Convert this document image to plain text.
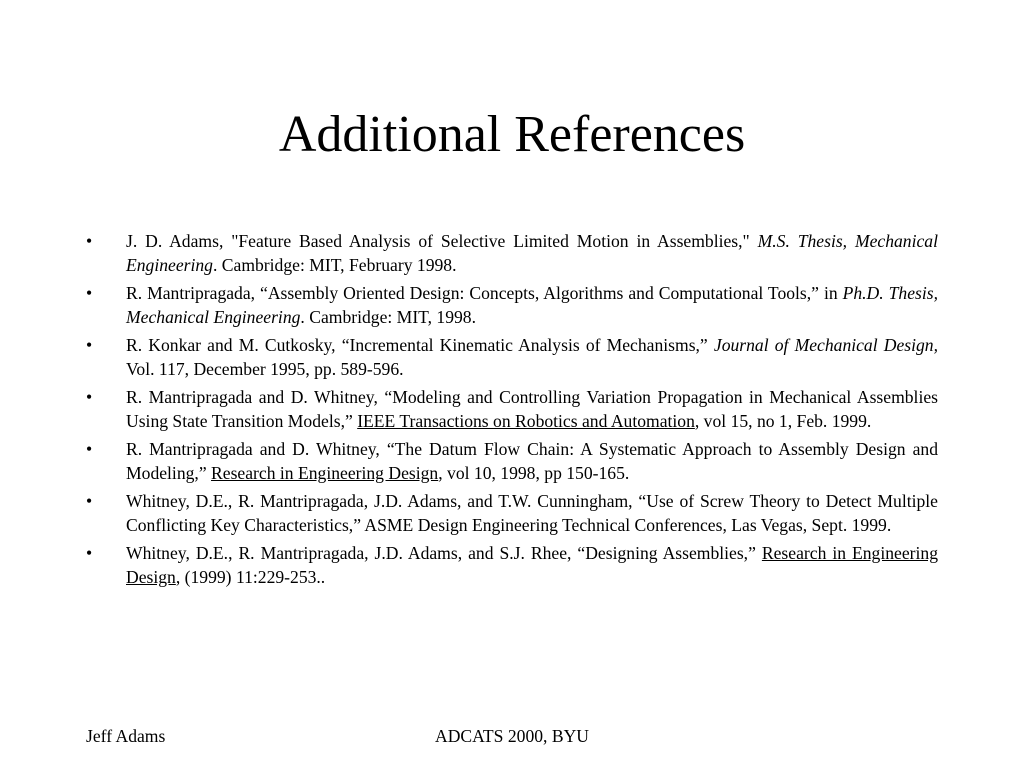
Additional References
• J. D. Adams, "Feature Based Analysis of Selective Limited Motion in Assemblies," M.S. Thesis, Mechanical Engineering. Cambridge: MIT, February 1998.
• R. Mantripragada, “Assembly Oriented Design: Concepts, Algorithms and Computational Tools,” in Ph.D. Thesis, Mechanical Engineering. Cambridge: MIT, 1998.
• R. Konkar and M. Cutkosky, “Incremental Kinematic Analysis of Mechanisms,” Journal of Mechanical Design, Vol. 117, December 1995, pp. 589-596.
• R. Mantripragada and D. Whitney, “Modeling and Controlling Variation Propagation in Mechanical Assemblies Using State Transition Models,” IEEE Transactions on Robotics and Automation, vol 15, no 1, Feb. 1999.
• R. Mantripragada and D. Whitney, “The Datum Flow Chain: A Systematic Approach to Assembly Design and Modeling,” Research in Engineering Design, vol 10, 1998, pp 150-165.
• Whitney, D.E., R. Mantripragada, J.D. Adams, and T.W. Cunningham, “Use of Screw Theory to Detect Multiple Conflicting Key Characteristics,” ASME Design Engineering Technical Conferences, Las Vegas, Sept. 1999.
• Whitney, D.E., R. Mantripragada, J.D. Adams, and S.J. Rhee, “Designing Assemblies,” Research in Engineering Design, (1999) 11:229-253..
Jeff Adams	ADCATS 2000, BYU
